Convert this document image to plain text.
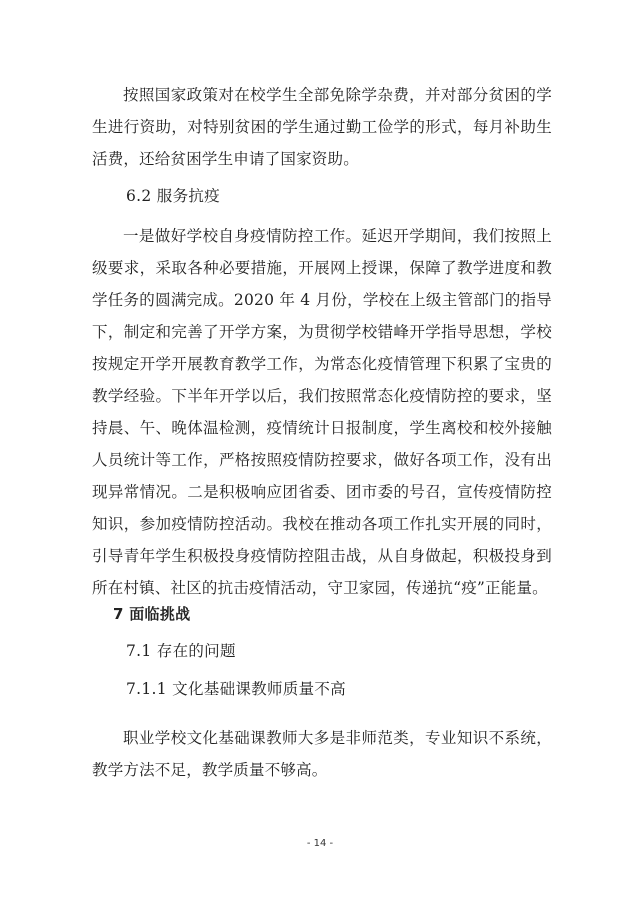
按照国家政策对在校学生全部免除学杂费，并对部分贫困的学生进行资助，对特别贫困的学生通过勤工俭学的形式，每月补助生活费，还给贫困学生申请了国家资助。

6.2 服务抗疫

一是做好学校自身疫情防控工作。延迟开学期间，我们按照上级要求，采取各种必要措施，开展网上授课，保障了教学进度和教学任务的圆满完成。2020 年 4 月份，学校在上级主管部门的指导下，制定和完善了开学方案，为贯彻学校错峰开学指导思想，学校按规定开学开展教育教学工作，为常态化疫情管理下积累了宝贵的教学经验。下半年开学以后，我们按照常态化疫情防控的要求，坚持晨、午、晚体温检测，疫情统计日报制度，学生离校和校外接触人员统计等工作，严格按照疫情防控要求，做好各项工作，没有出现异常情况。二是积极响应团省委、团市委的号召，宣传疫情防控知识，参加疫情防控活动。我校在推动各项工作扎实开展的同时，引导青年学生积极投身疫情防控阻击战，从自身做起，积极投身到所在村镇、社区的抗击疫情活动，守卫家园，传递抗“疫”正能量。

7 面临挑战

7.1 存在的问题

7.1.1 文化基础课教师质量不高

职业学校文化基础课教师大多是非师范类，专业知识不系统，教学方法不足，教学质量不够高。

- 14 -
